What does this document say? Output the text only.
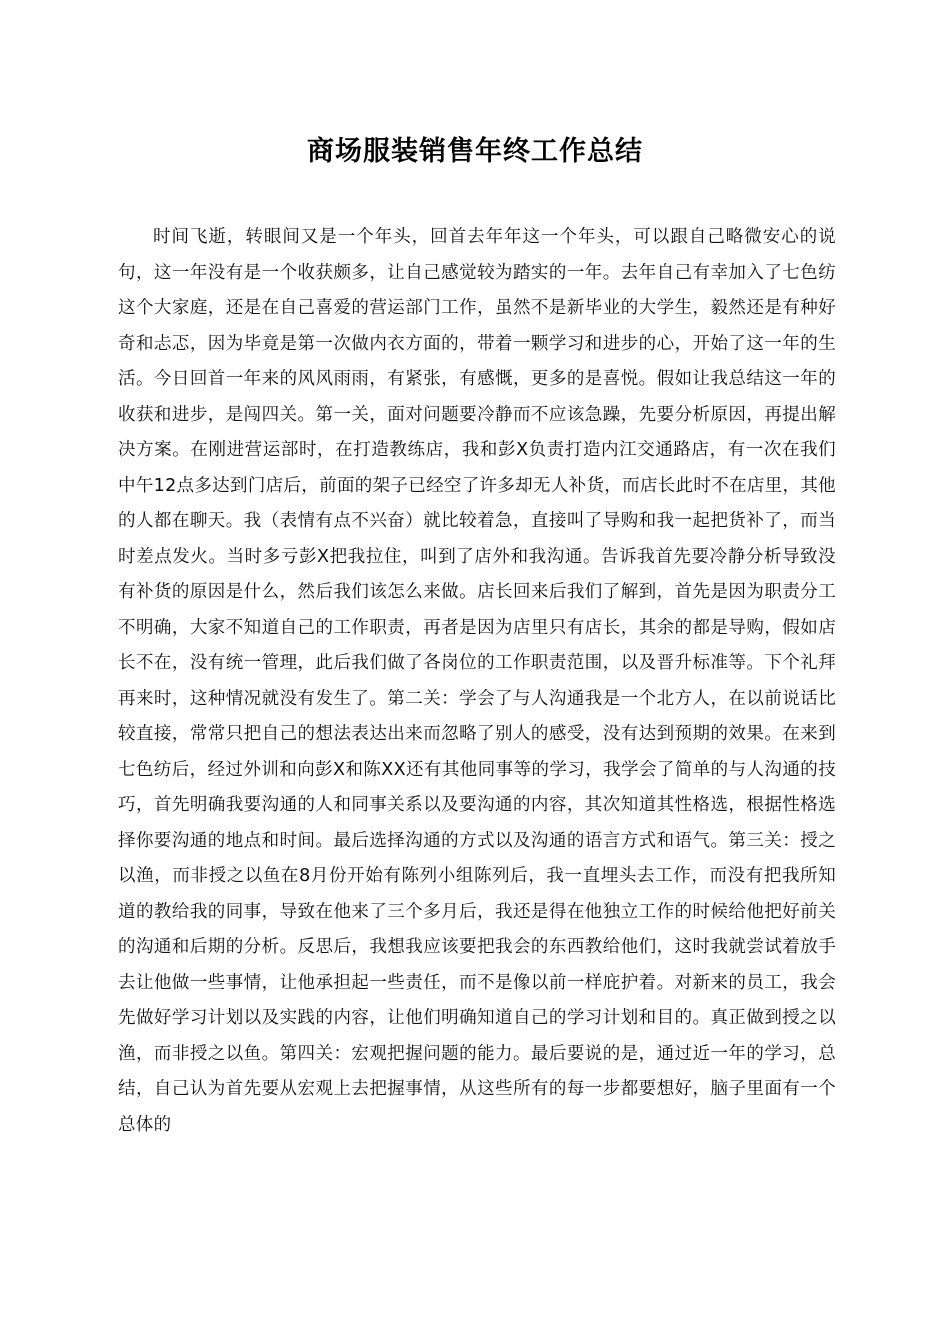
商场服装销售年终工作总结

时间飞逝，转眼间又是一个年头，回首去年年这一个年头，可以跟自己略微安心的说句，这一年没有是一个收获颇多，让自己感觉较为踏实的一年。去年自己有幸加入了七色纺这个大家庭，还是在自己喜爱的营运部门工作，虽然不是新毕业的大学生，毅然还是有种好奇和忐忑，因为毕竟是第一次做内衣方面的，带着一颗学习和进步的心，开始了这一年的生活。今日回首一年来的风风雨雨，有紧张，有感慨，更多的是喜悦。假如让我总结这一年的收获和进步，是闯四关。第一关，面对问题要冷静而不应该急躁，先要分析原因，再提出解决方案。在刚进营运部时，在打造教练店，我和彭X负责打造内江交通路店，有一次在我们中午12点多达到门店后，前面的架子已经空了许多却无人补货，而店长此时不在店里，其他的人都在聊天。我（表情有点不兴奋）就比较着急，直接叫了导购和我一起把货补了，而当时差点发火。当时多亏彭X把我拉住，叫到了店外和我沟通。告诉我首先要冷静分析导致没有补货的原因是什么，然后我们该怎么来做。店长回来后我们了解到，首先是因为职责分工不明确，大家不知道自己的工作职责，再者是因为店里只有店长，其余的都是导购，假如店长不在，没有统一管理，此后我们做了各岗位的工作职责范围，以及晋升标准等。下个礼拜再来时，这种情况就没有发生了。第二关：学会了与人沟通我是一个北方人，在以前说话比较直接，常常只把自己的想法表达出来而忽略了别人的感受，没有达到预期的效果。在来到七色纺后，经过外训和向彭X和陈XX还有其他同事等的学习，我学会了简单的与人沟通的技巧，首先明确我要沟通的人和同事关系以及要沟通的内容，其次知道其性格选，根据性格选择你要沟通的地点和时间。最后选择沟通的方式以及沟通的语言方式和语气。第三关：授之以渔，而非授之以鱼在8月份开始有陈列小组陈列后，我一直埋头去工作，而没有把我所知道的教给我的同事，导致在他来了三个多月后，我还是得在他独立工作的时候给他把好前关的沟通和后期的分析。反思后，我想我应该要把我会的东西教给他们，这时我就尝试着放手去让他做一些事情，让他承担起一些责任，而不是像以前一样庇护着。对新来的员工，我会先做好学习计划以及实践的内容，让他们明确知道自己的学习计划和目的。真正做到授之以渔，而非授之以鱼。第四关：宏观把握问题的能力。最后要说的是，通过近一年的学习，总结，自己认为首先要从宏观上去把握事情，从这些所有的每一步都要想好，脑子里面有一个总体的
